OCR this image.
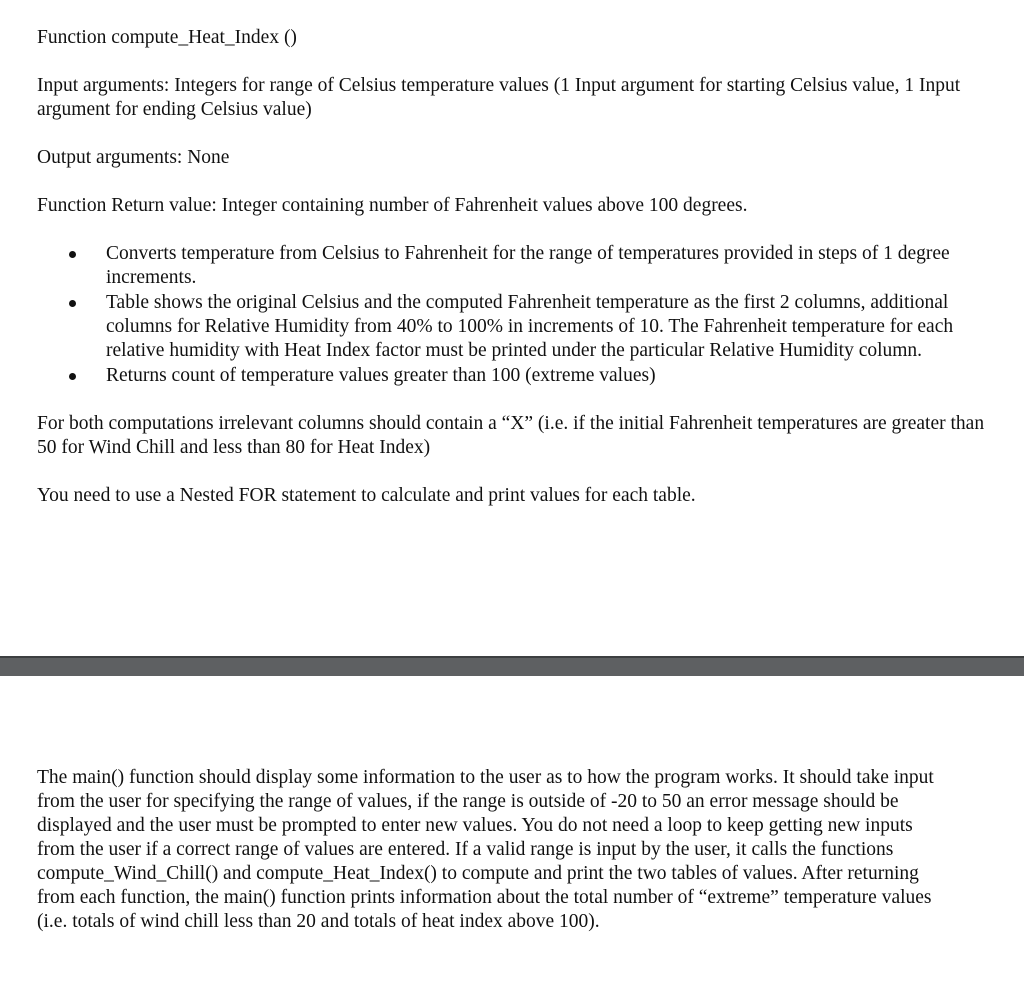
Function compute_Heat_Index ()

Input arguments: Integers for range of Celsius temperature values (1 Input argument for starting Celsius value, 1 Input argument for ending Celsius value)

Output arguments: None

Function Return value: Integer containing number of Fahrenheit values above 100 degrees.

Converts temperature from Celsius to Fahrenheit for the range of temperatures provided in steps of 1 degree increments.
Table shows the original Celsius and the computed Fahrenheit temperature as the first 2 columns, additional columns for Relative Humidity from 40% to 100% in increments of 10. The Fahrenheit temperature for each relative humidity with Heat Index factor must be printed under the particular Relative Humidity column.
Returns count of temperature values greater than 100 (extreme values)

For both computations irrelevant columns should contain a “X” (i.e. if the initial Fahrenheit temperatures are greater than 50 for Wind Chill and less than 80 for Heat Index)

You need to use a Nested FOR statement to calculate and print values for each table.

The main() function should display some information to the user as to how the program works. It should take input from the user for specifying the range of values, if the range is outside of -20 to 50 an error message should be displayed and the user must be prompted to enter new values. You do not need a loop to keep getting new inputs from the user if a correct range of values are entered. If a valid range is input by the user, it calls the functions compute_Wind_Chill() and compute_Heat_Index() to compute and print the two tables of values. After returning from each function, the main() function prints information about the total number of “extreme” temperature values (i.e. totals of wind chill less than 20 and totals of heat index above 100).
